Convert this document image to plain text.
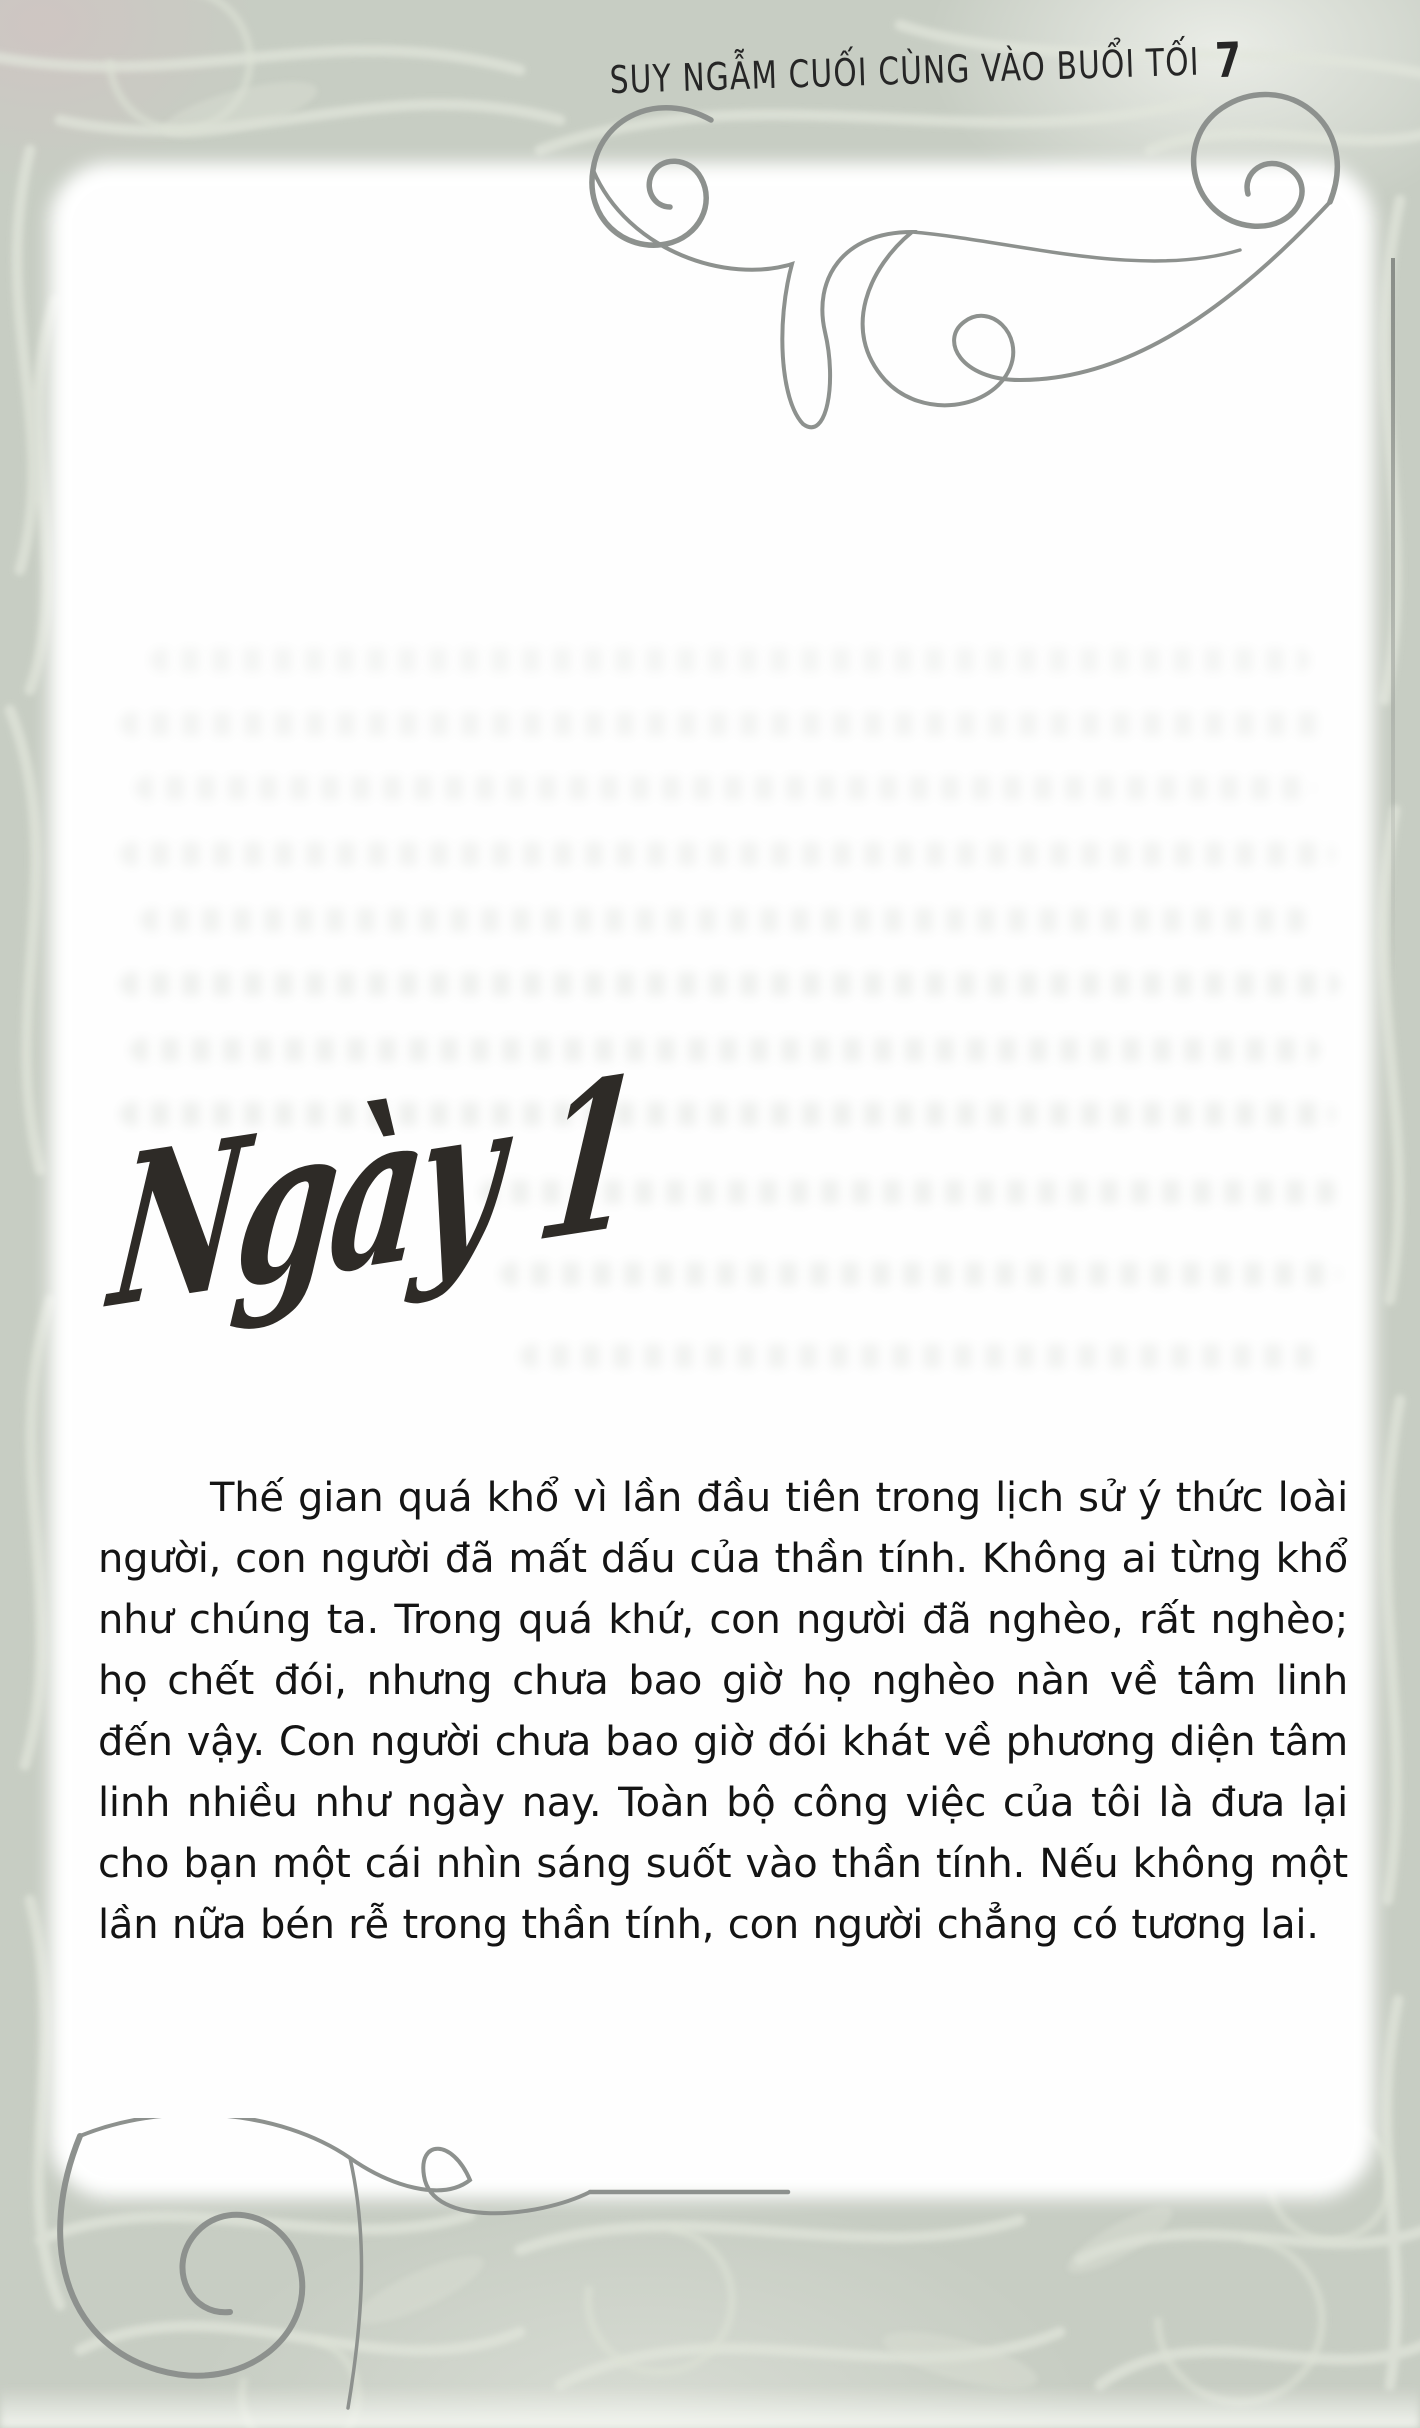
SUY NGẪM CUỐI CÙNG VÀO BUỔI TỐI 7
Ngày 1
Thế gian quá khổ vì lần đầu tiên trong lịch sử ý thức loài người, con người đã mất dấu của thần tính. Không ai từng khổ như chúng ta. Trong quá khứ, con người đã nghèo, rất nghèo; họ chết đói, nhưng chưa bao giờ họ nghèo nàn về tâm linh đến vậy. Con người chưa bao giờ đói khát về phương diện tâm linh nhiều như ngày nay. Toàn bộ công việc của tôi là đưa lại cho bạn một cái nhìn sáng suốt vào thần tính. Nếu không một lần nữa bén rễ trong thần tính, con người chẳng có tương lai.
